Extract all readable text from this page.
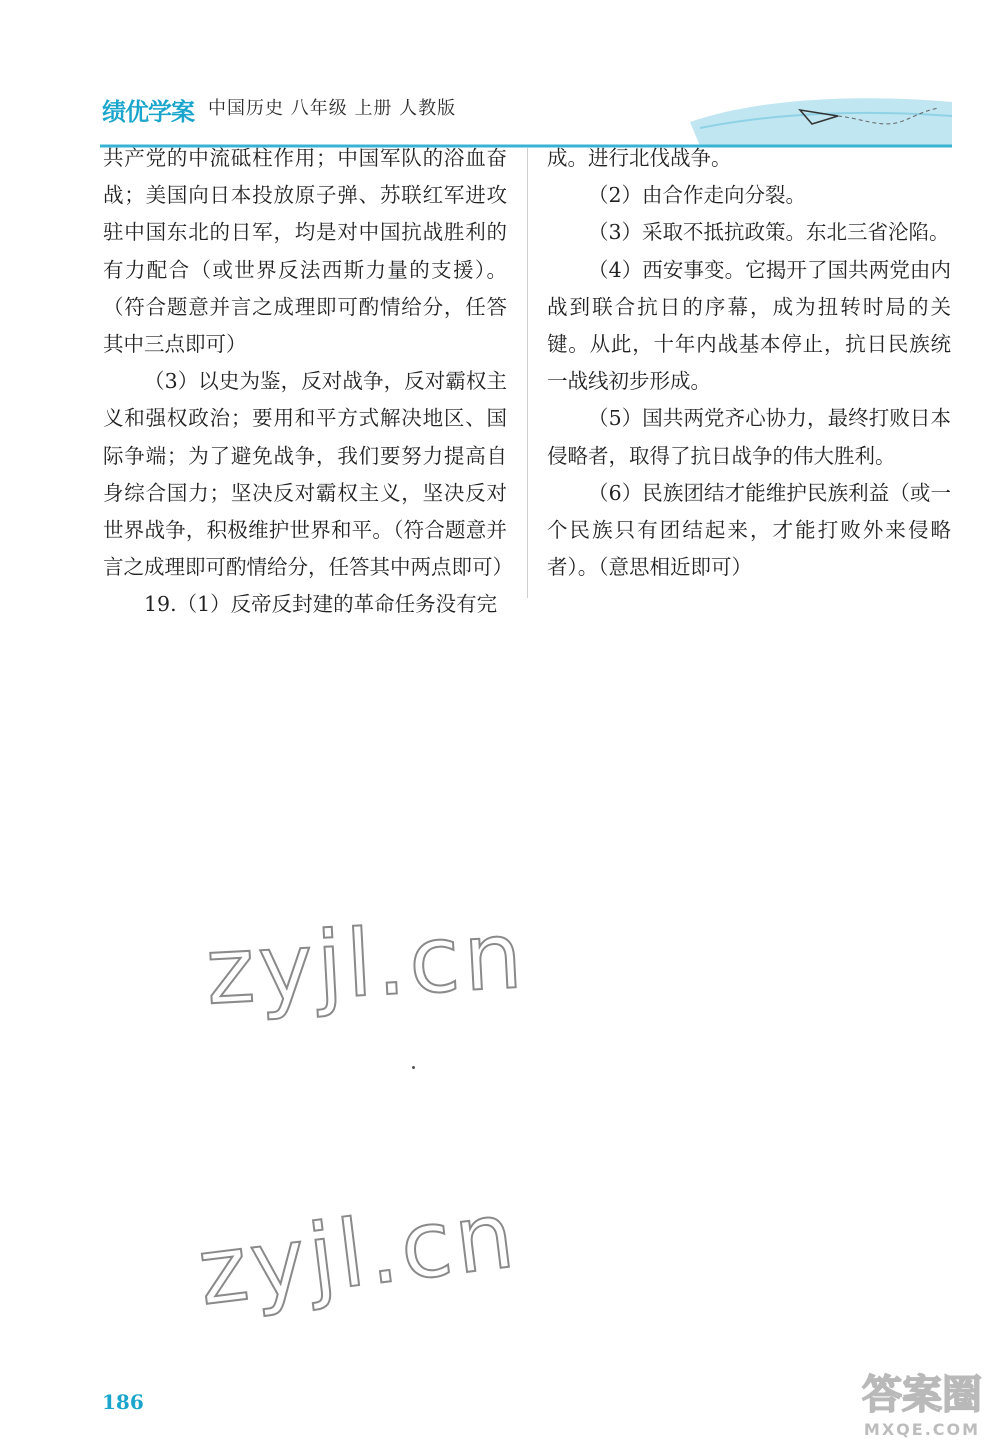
绩优学案 中国历史 八年级 上册 人教版

共产党的中流砥柱作用；中国军队的浴血奋战；美国向日本投放原子弹、苏联红军进攻驻中国东北的日军，均是对中国抗战胜利的有力配合（或世界反法西斯力量的支援）。（符合题意并言之成理即可酌情给分，任答其中三点即可）

（3）以史为鉴，反对战争，反对霸权主义和强权政治；要用和平方式解决地区、国际争端；为了避免战争，我们要努力提高自身综合国力；坚决反对霸权主义，坚决反对世界战争，积极维护世界和平。（符合题意并言之成理即可酌情给分，任答其中两点即可）

19.（1）反帝反封建的革命任务没有完

成。进行北伐战争。

（2）由合作走向分裂。

（3）采取不抵抗政策。东北三省沦陷。

（4）西安事变。它揭开了国共两党由内战到联合抗日的序幕，成为扭转时局的关键。从此，十年内战基本停止，抗日民族统一战线初步形成。

（5）国共两党齐心协力，最终打败日本侵略者，取得了抗日战争的伟大胜利。

（6）民族团结才能维护民族利益（或一个民族只有团结起来，才能打败外来侵略者）。（意思相近即可）

zyjl.cn
zyjl.cn
186	答案圈
MXQE.COM
